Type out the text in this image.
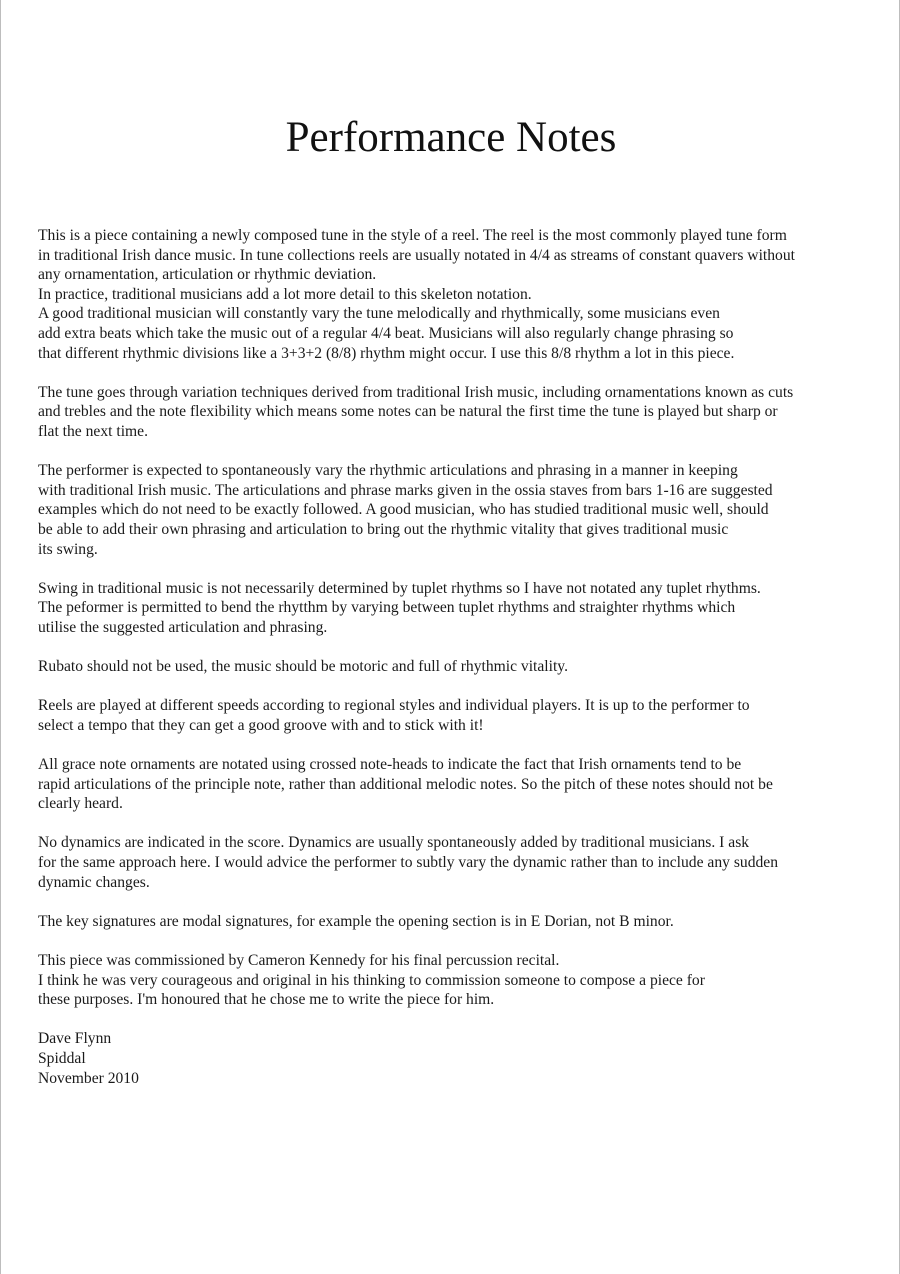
Performance Notes
This is a piece containing a newly composed tune in the style of a reel. The reel is the most commonly played tune form
in traditional Irish dance music. In tune collections reels are usually notated in 4/4 as streams of constant quavers without
any ornamentation, articulation or rhythmic deviation.
In practice, traditional musicians add a lot more detail to this skeleton notation.
A good traditional musician will constantly vary the tune melodically and rhythmically, some musicians even
add extra beats which take the music out of a regular 4/4 beat. Musicians will also regularly change phrasing so
that different rhythmic divisions like a 3+3+2 (8/8) rhythm might occur. I use this 8/8 rhythm a lot in this piece.
The tune goes through variation techniques derived from traditional Irish music, including ornamentations known as cuts
and trebles and the note flexibility which means some notes can be natural the first time the tune is played but sharp or
flat the next time.
The performer is expected to spontaneously vary the rhythmic articulations and phrasing in a manner in keeping
with traditional Irish music. The articulations and phrase marks given in the ossia staves from bars 1-16 are suggested
examples which do not need to be exactly followed. A good musician, who has studied traditional music well, should
be able to add their own phrasing and articulation to bring out the rhythmic vitality that gives traditional music
its swing.
Swing in traditional music is not necessarily determined by tuplet rhythms so I have not notated any tuplet rhythms.
The peformer is permitted to bend the rhytthm by varying between tuplet rhythms and straighter rhythms which
utilise the suggested articulation and phrasing.
Rubato should not be used, the music should be motoric and full of rhythmic vitality.
Reels are played at different speeds according to regional styles and individual players. It is up to the performer to
select a tempo that they can get a good groove with and to stick with it!
All grace note ornaments are notated using crossed note-heads to indicate the fact that Irish ornaments tend to be
rapid articulations of the principle note, rather than additional melodic notes. So the pitch of these notes should not be
clearly heard.
No dynamics are indicated in the score. Dynamics are usually spontaneously added by traditional musicians. I ask
for the same approach here. I would advice the performer to subtly vary the dynamic rather than to include any sudden
dynamic changes.
The key signatures are modal signatures, for example the opening section is in E Dorian, not B minor.
This piece was commissioned by Cameron Kennedy for his final percussion recital.
I think he was very courageous and original in his thinking to commission someone to compose a piece for
these purposes. I'm honoured that he chose me to write the piece for him.
Dave Flynn
Spiddal
November 2010
